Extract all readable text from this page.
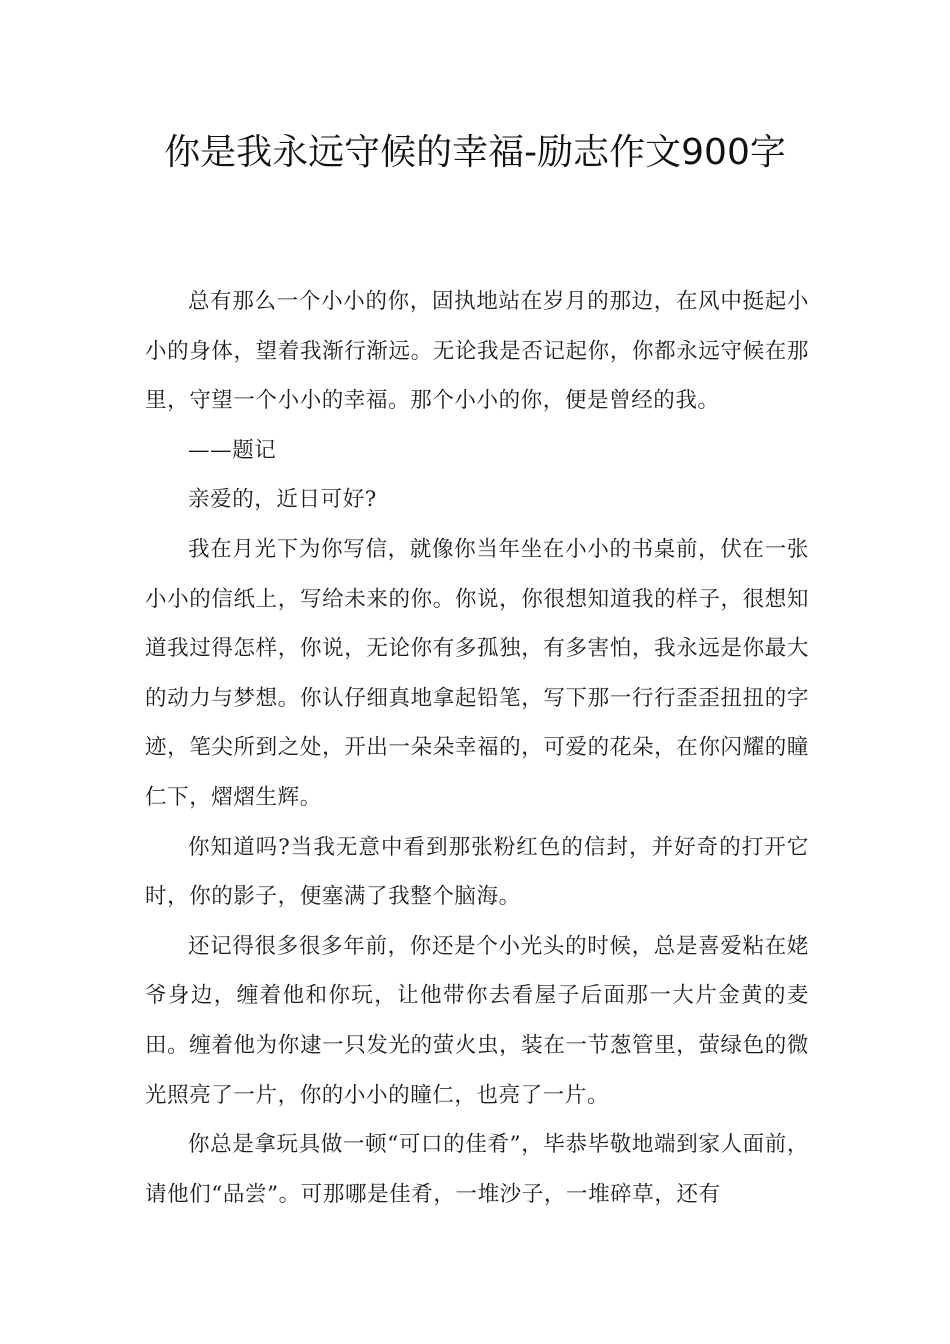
你是我永远守候的幸福-励志作文900字

总有那么一个小小的你，固执地站在岁月的那边，在风中挺起小小的身体，望着我渐行渐远。无论我是否记起你，你都永远守候在那里，守望一个小小的幸福。那个小小的你，便是曾经的我。

——题记

亲爱的，近日可好?

我在月光下为你写信，就像你当年坐在小小的书桌前，伏在一张小小的信纸上，写给未来的你。你说，你很想知道我的样子，很想知道我过得怎样，你说，无论你有多孤独，有多害怕，我永远是你最大的动力与梦想。你认仔细真地拿起铅笔，写下那一行行歪歪扭扭的字迹，笔尖所到之处，开出一朵朵幸福的，可爱的花朵，在你闪耀的瞳仁下，熠熠生辉。

你知道吗?当我无意中看到那张粉红色的信封，并好奇的打开它时，你的影子，便塞满了我整个脑海。

还记得很多很多年前，你还是个小光头的时候，总是喜爱粘在姥爷身边，缠着他和你玩，让他带你去看屋子后面那一大片金黄的麦田。缠着他为你逮一只发光的萤火虫，装在一节葱管里，萤绿色的微光照亮了一片，你的小小的瞳仁，也亮了一片。

你总是拿玩具做一顿“可口的佳肴”，毕恭毕敬地端到家人面前，请他们“品尝”。可那哪是佳肴，一堆沙子，一堆碎草，还有
